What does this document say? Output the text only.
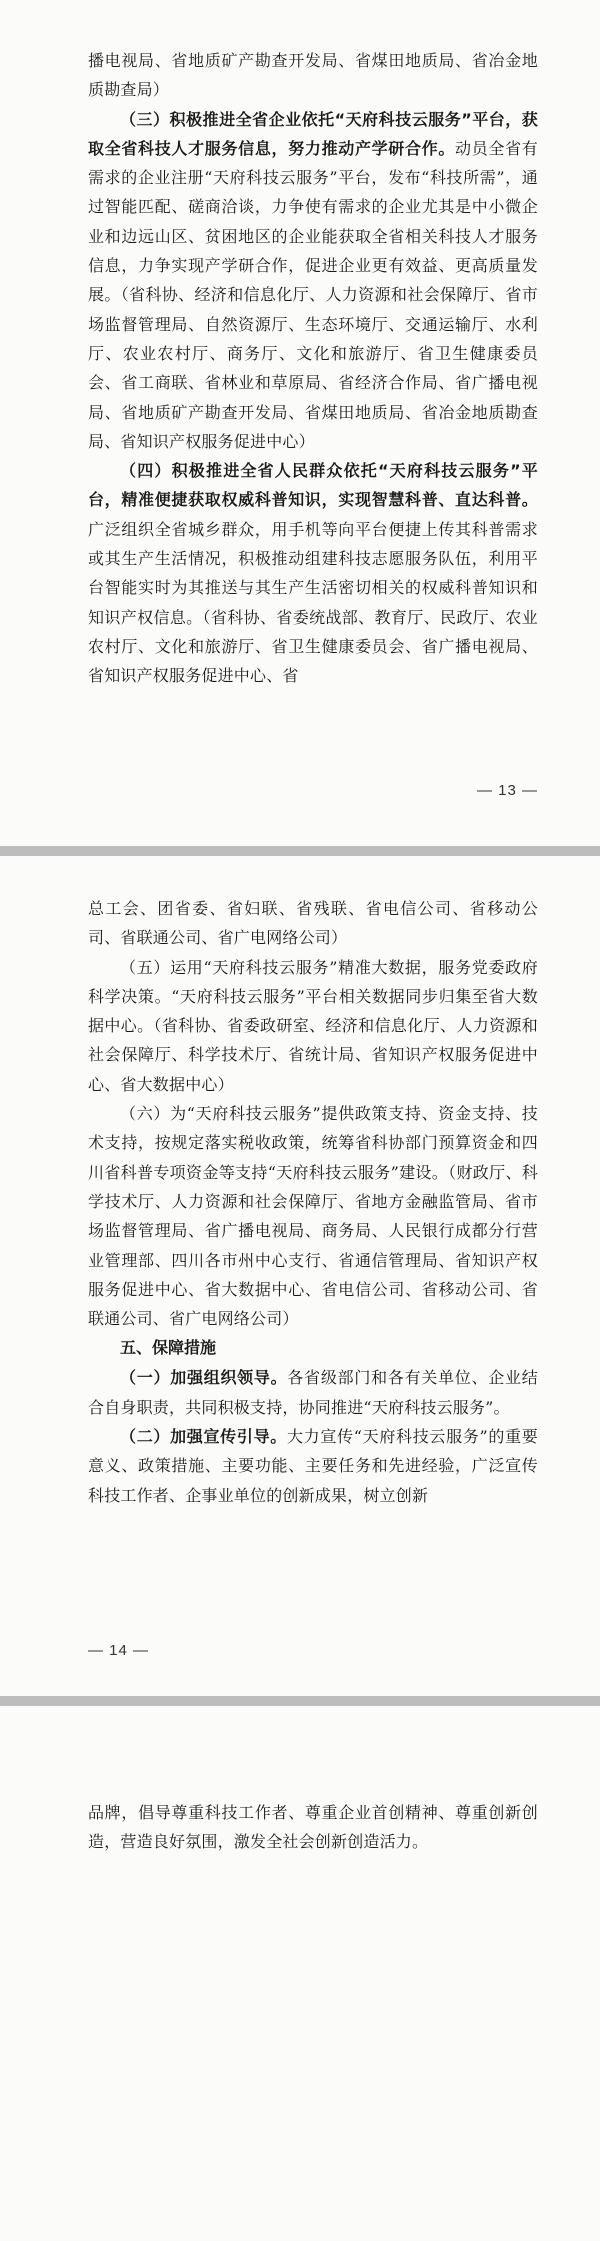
播电视局、省地质矿产勘查开发局、省煤田地质局、省冶金地质勘查局）

（三）积极推进全省企业依托“天府科技云服务”平台，获取全省科技人才服务信息，努力推动产学研合作。动员全省有需求的企业注册“天府科技云服务”平台，发布“科技所需”，通过智能匹配、磋商洽谈，力争使有需求的企业尤其是中小微企业和边远山区、贫困地区的企业能获取全省相关科技人才服务信息，力争实现产学研合作，促进企业更有效益、更高质量发展。（省科协、经济和信息化厅、人力资源和社会保障厅、省市场监督管理局、自然资源厅、生态环境厅、交通运输厅、水利厅、农业农村厅、商务厅、文化和旅游厅、省卫生健康委员会、省工商联、省林业和草原局、省经济合作局、省广播电视局、省地质矿产勘查开发局、省煤田地质局、省冶金地质勘查局、省知识产权服务促进中心）

（四）积极推进全省人民群众依托“天府科技云服务”平台，精准便捷获取权威科普知识，实现智慧科普、直达科普。广泛组织全省城乡群众，用手机等向平台便捷上传其科普需求或其生产生活情况，积极推动组建科技志愿服务队伍，利用平台智能实时为其推送与其生产生活密切相关的权威科普知识和知识产权信息。（省科协、省委统战部、教育厅、民政厅、农业农村厅、文化和旅游厅、省卫生健康委员会、省广播电视局、省知识产权服务促进中心、省

— 13 —

总工会、团省委、省妇联、省残联、省电信公司、省移动公司、省联通公司、省广电网络公司）

（五）运用“天府科技云服务”精准大数据，服务党委政府科学决策。“天府科技云服务”平台相关数据同步归集至省大数据中心。（省科协、省委政研室、经济和信息化厅、人力资源和社会保障厅、科学技术厅、省统计局、省知识产权服务促进中心、省大数据中心）

（六）为“天府科技云服务”提供政策支持、资金支持、技术支持，按规定落实税收政策，统筹省科协部门预算资金和四川省科普专项资金等支持“天府科技云服务”建设。（财政厅、科学技术厅、人力资源和社会保障厅、省地方金融监管局、省市场监督管理局、省广播电视局、商务局、人民银行成都分行营业管理部、四川各市州中心支行、省通信管理局、省知识产权服务促进中心、省大数据中心、省电信公司、省移动公司、省联通公司、省广电网络公司）

五、保障措施

（一）加强组织领导。各省级部门和各有关单位、企业结合自身职责，共同积极支持，协同推进“天府科技云服务”。

（二）加强宣传引导。大力宣传“天府科技云服务”的重要意义、政策措施、主要功能、主要任务和先进经验，广泛宣传科技工作者、企事业单位的创新成果，树立创新

— 14 —

品牌，倡导尊重科技工作者、尊重企业首创精神、尊重创新创造，营造良好氛围，激发全社会创新创造活力。
